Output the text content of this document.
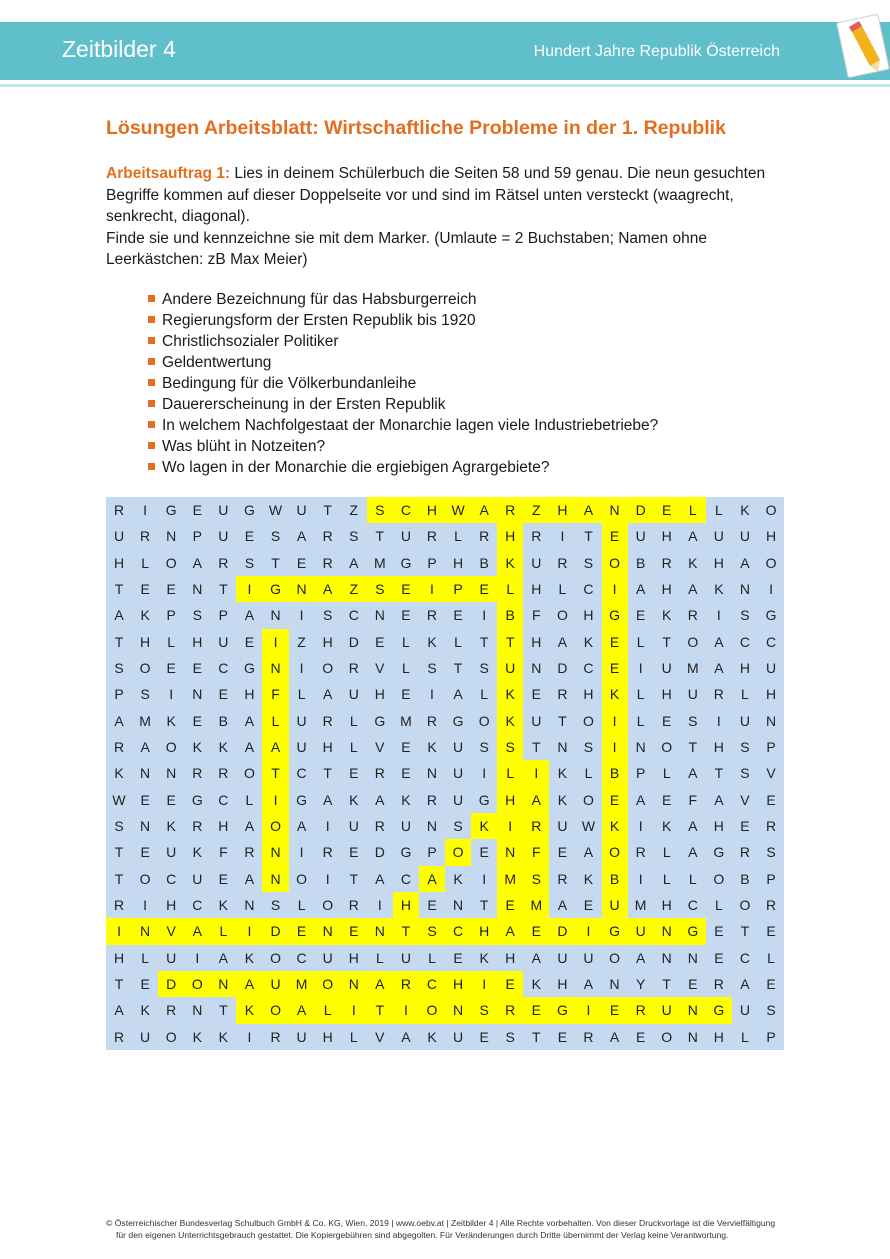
Zeitbilder 4	Hundert Jahre Republik Österreich
Lösungen Arbeitsblatt: Wirtschaftliche Probleme in der 1. Republik

Arbeitsauftrag 1: Lies in deinem Schülerbuch die Seiten 58 und 59 genau. Die neun gesuchten Begriffe kommen auf dieser Doppelseite vor und sind im Rätsel unten versteckt (waagrecht, senkrecht, diagonal).

Finde sie und kennzeichne sie mit dem Marker. (Umlaute = 2 Buchstaben; Namen ohne Leerkästchen: zB Max Meier)

Andere Bezeichnung für das Habsburgerreich
Regierungsform der Ersten Republik bis 1920
Christlichsozialer Politiker
Geldentwertung
Bedingung für die Völkerbundanleihe
Dauererscheinung in der Ersten Republik
In welchem Nachfolgestaat der Monarchie lagen viele Industriebetriebe?
Was blüht in Notzeiten?
Wo lagen in der Monarchie die ergiebigen Agrargebiete?
R	I	G	E	U	G	W	U	T	Z	S	C	H	W	A	R	Z	H	A	N	D	E	L	L	K	O
U	R	N	P	U	E	S	A	R	S	T	U	R	L	R	H	R	I	T	E	U	H	A	U	U	H
H	L	O	A	R	S	T	E	R	A	M	G	P	H	B	K	U	R	S	O	B	R	K	H	A	O
T	E	E	N	T	I	G	N	A	Z	S	E	I	P	E	L	H	L	C	I	A	H	A	K	N	I
A	K	P	S	P	A	N	I	S	C	N	E	R	E	I	B	F	O	H	G	E	K	R	I	S	G
T	H	L	H	U	E	I	Z	H	D	E	L	K	L	T	T	H	A	K	E	L	T	O	A	C	C
S	O	E	E	C	G	N	I	O	R	V	L	S	T	S	U	N	D	C	E	I	U	M	A	H	U
P	S	I	N	E	H	F	L	A	U	H	E	I	A	L	K	E	R	H	K	L	H	U	R	L	H
A	M	K	E	B	A	L	U	R	L	G	M	R	G	O	K	U	T	O	I	L	E	S	I	U	N
R	A	O	K	K	A	A	U	H	L	V	E	K	U	S	S	T	N	S	I	N	O	T	H	S	P
K	N	N	R	R	O	T	C	T	E	R	E	N	U	I	L	I	K	L	B	P	L	A	T	S	V
W	E	E	G	C	L	I	G	A	K	A	K	R	U	G	H	A	K	O	E	A	E	F	A	V	E
S	N	K	R	H	A	O	A	I	U	R	U	N	S	K	I	R	U	W	K	I	K	A	H	E	R
T	E	U	K	F	R	N	I	R	E	D	G	P	O	E	N	F	E	A	O	R	L	A	G	R	S
T	O	C	U	E	A	N	O	I	T	A	C	A	K	I	M	S	R	K	B	I	L	L	O	B	P
R	I	H	C	K	N	S	L	O	R	I	H	E	N	T	E	M	A	E	U	M	H	C	L	O	R
I	N	V	A	L	I	D	E	N	E	N	T	S	C	H	A	E	D	I	G	U	N	G	E	T	E
H	L	U	I	A	K	O	C	U	H	L	U	L	E	K	H	A	U	U	O	A	N	N	E	C	L
T	E	D	O	N	A	U	M	O	N	A	R	C	H	I	E	K	H	A	N	Y	T	E	R	A	E
A	K	R	N	T	K	O	A	L	I	T	I	O	N	S	R	E	G	I	E	R	U	N	G	U	S
R	U	O	K	K	I	R	U	H	L	V	A	K	U	E	S	T	E	R	A	E	O	N	H	L	P
© Österreichischer Bundesverlag Schulbuch GmbH & Co. KG, Wien, 2019 | www.oebv.at | Zeitbilder 4 | Alle Rechte vorbehalten. Von dieser Druckvorlage ist die Vervielfältigung
für den eigenen Unterrichtsgebrauch gestattet. Die Kopiergebühren sind abgegolten. Für Veränderungen durch Dritte übernimmt der Verlag keine Verantwortung.
